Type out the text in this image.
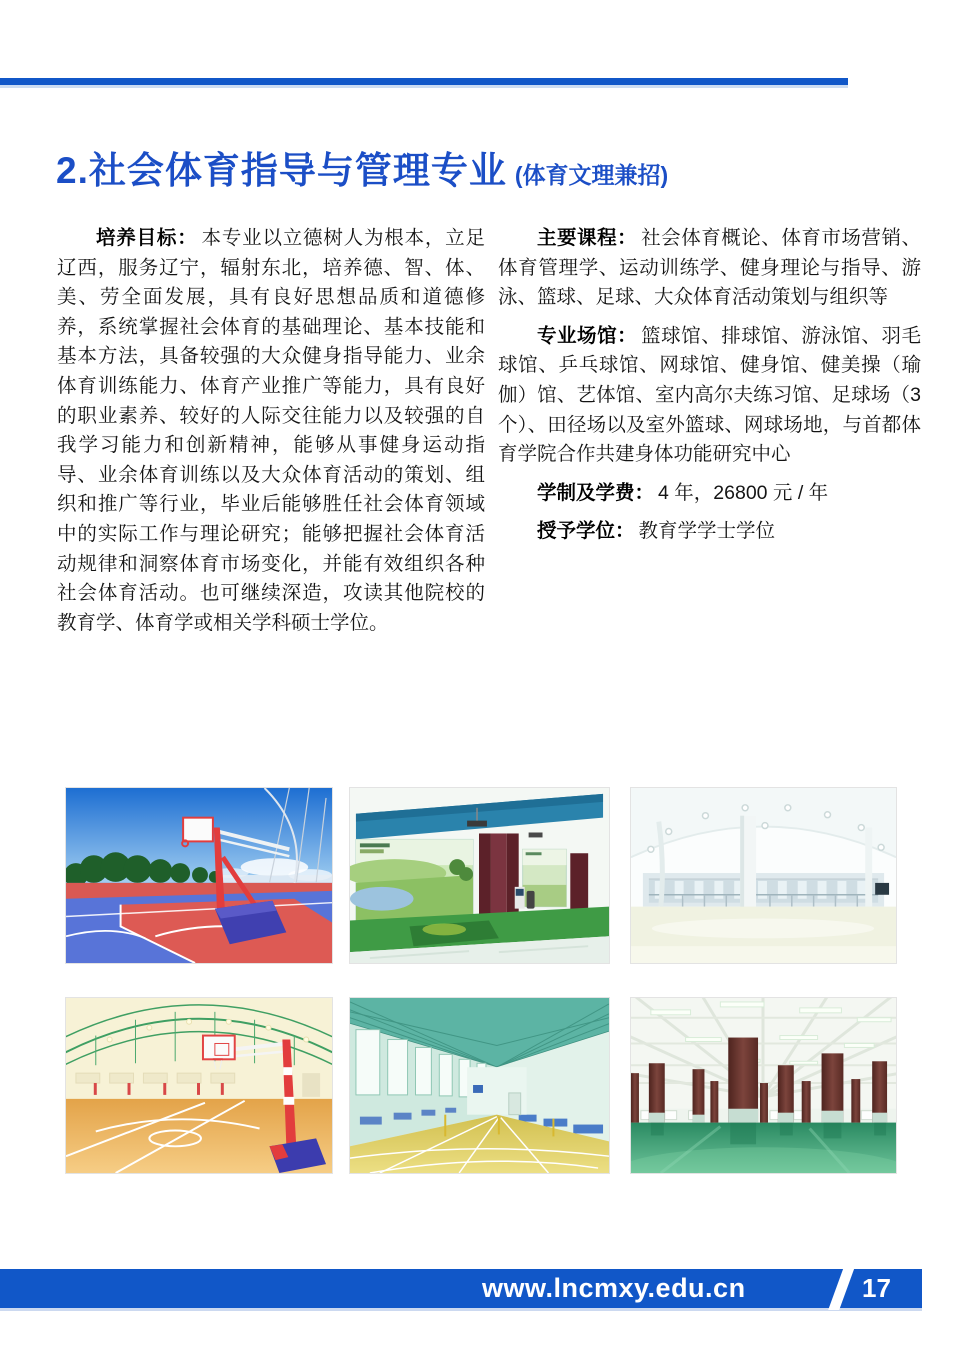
2.社会体育指导与管理专业 (体育文理兼招)

培养目标： 本专业以立德树人为根本，立足辽西，服务辽宁，辐射东北，培养德、智、体、美、劳全面发展，具有良好思想品质和道德修养，系统掌握社会体育的基础理论、基本技能和基本方法，具备较强的大众健身指导能力、业余体育训练能力、体育产业推广等能力，具有良好的职业素养、较好的人际交往能力以及较强的自我学习能力和创新精神，能够从事健身运动指导、业余体育训练以及大众体育活动的策划、组织和推广等行业，毕业后能够胜任社会体育领域中的实际工作与理论研究；能够把握社会体育活动规律和洞察体育市场变化，并能有效组织各种社会体育活动。也可继续深造，攻读其他院校的教育学、体育学或相关学科硕士学位。

主要课程： 社会体育概论、体育市场营销、体育管理学、运动训练学、健身理论与指导、游泳、篮球、足球、大众体育活动策划与组织等

专业场馆： 篮球馆、排球馆、游泳馆、羽毛球馆、乒乓球馆、网球馆、健身馆、健美操（瑜伽）馆、艺体馆、室内高尔夫练习馆、足球场（3 个）、田径场以及室外篮球、网球场地，与首都体育学院合作共建身体功能研究中心

学制及学费： 4 年，26800 元 / 年

授予学位： 教育学学士学位

www.lncmxy.edu.cn	17
